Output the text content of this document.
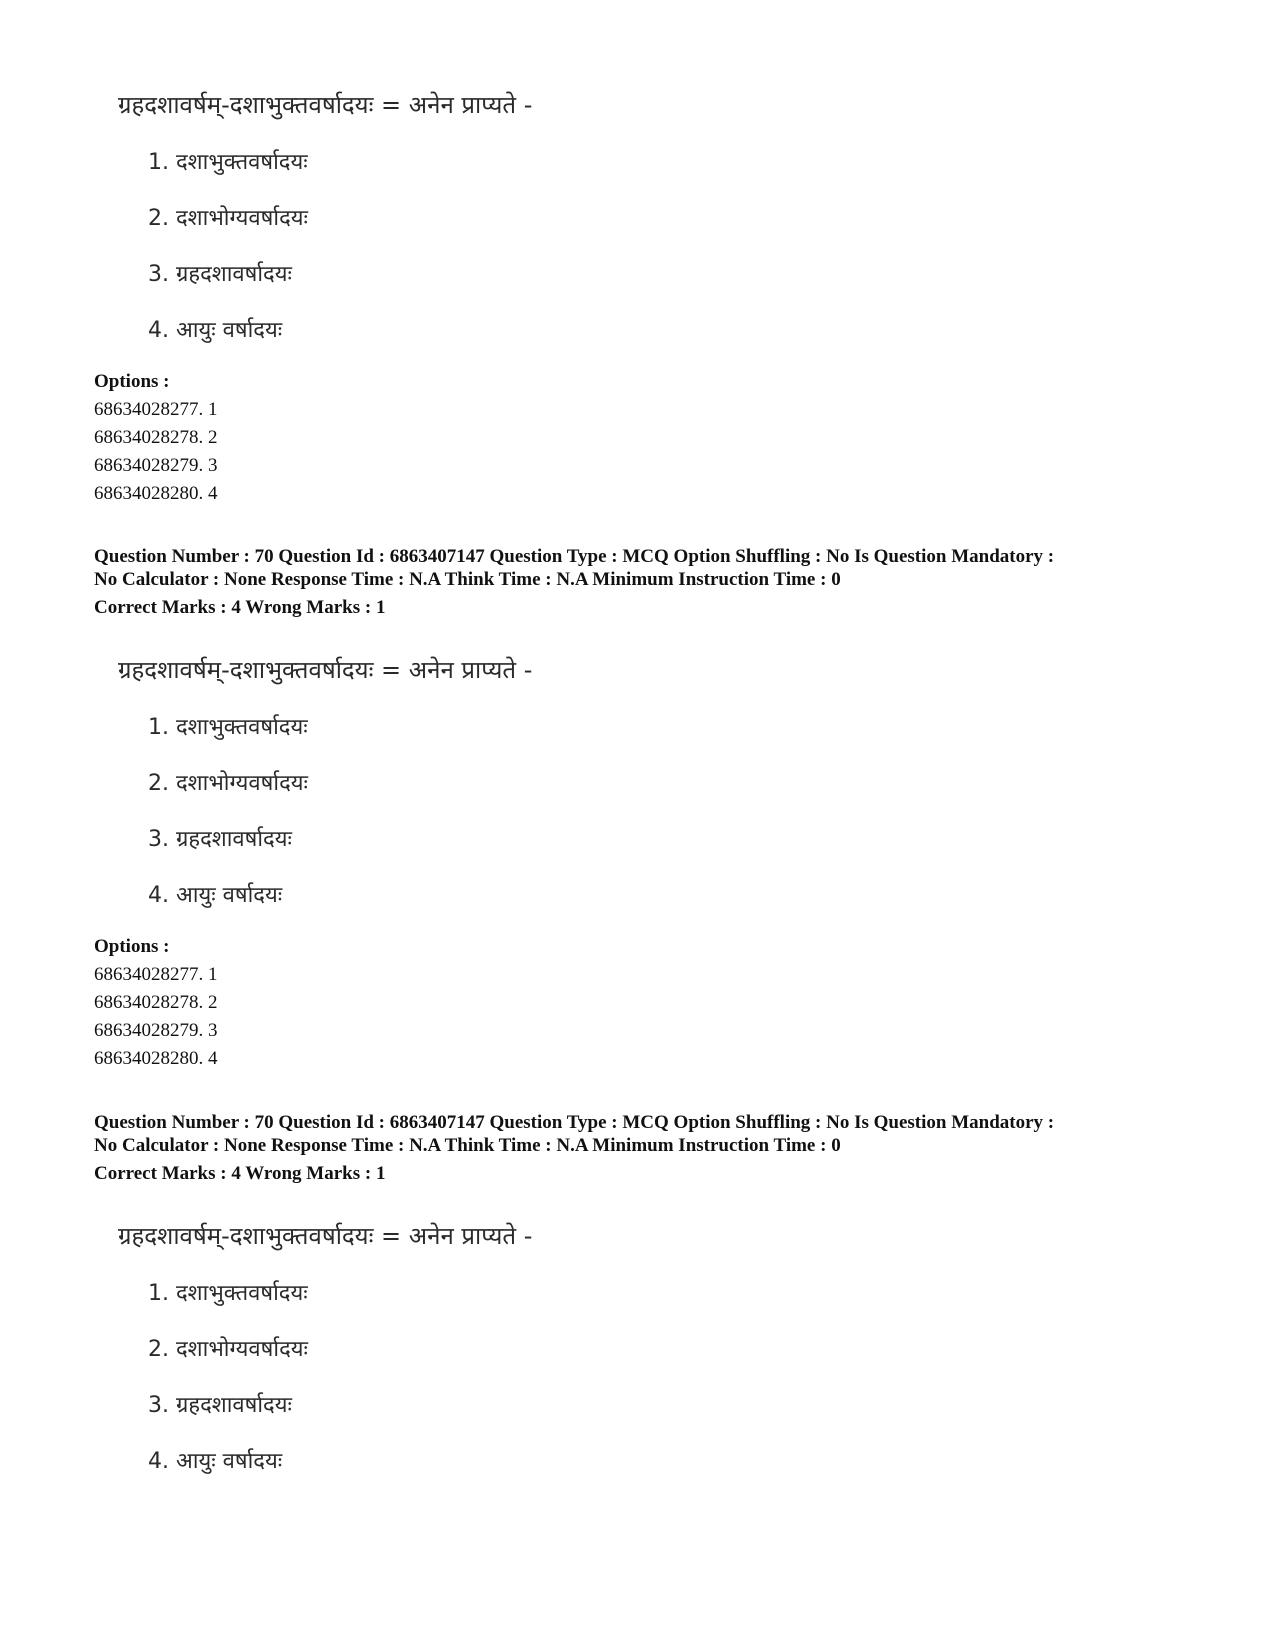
ग्रहदशावर्षम्-दशाभुक्तवर्षादयः = अनेन प्राप्यते -
1. दशाभुक्तवर्षादयः
2. दशाभोग्यवर्षादयः
3. ग्रहदशावर्षादयः
4. आयुः वर्षादयः
Options :
68634028277. 1
68634028278. 2
68634028279. 3
68634028280. 4
Question Number : 70 Question Id : 6863407147 Question Type : MCQ Option Shuffling : No Is Question Mandatory :
No Calculator : None Response Time : N.A Think Time : N.A Minimum Instruction Time : 0
Correct Marks : 4 Wrong Marks : 1
ग्रहदशावर्षम्-दशाभुक्तवर्षादयः = अनेन प्राप्यते -
1. दशाभुक्तवर्षादयः
2. दशाभोग्यवर्षादयः
3. ग्रहदशावर्षादयः
4. आयुः वर्षादयः
Options :
68634028277. 1
68634028278. 2
68634028279. 3
68634028280. 4
Question Number : 70 Question Id : 6863407147 Question Type : MCQ Option Shuffling : No Is Question Mandatory :
No Calculator : None Response Time : N.A Think Time : N.A Minimum Instruction Time : 0
Correct Marks : 4 Wrong Marks : 1
ग्रहदशावर्षम्-दशाभुक्तवर्षादयः = अनेन प्राप्यते -
1. दशाभुक्तवर्षादयः
2. दशाभोग्यवर्षादयः
3. ग्रहदशावर्षादयः
4. आयुः वर्षादयः
